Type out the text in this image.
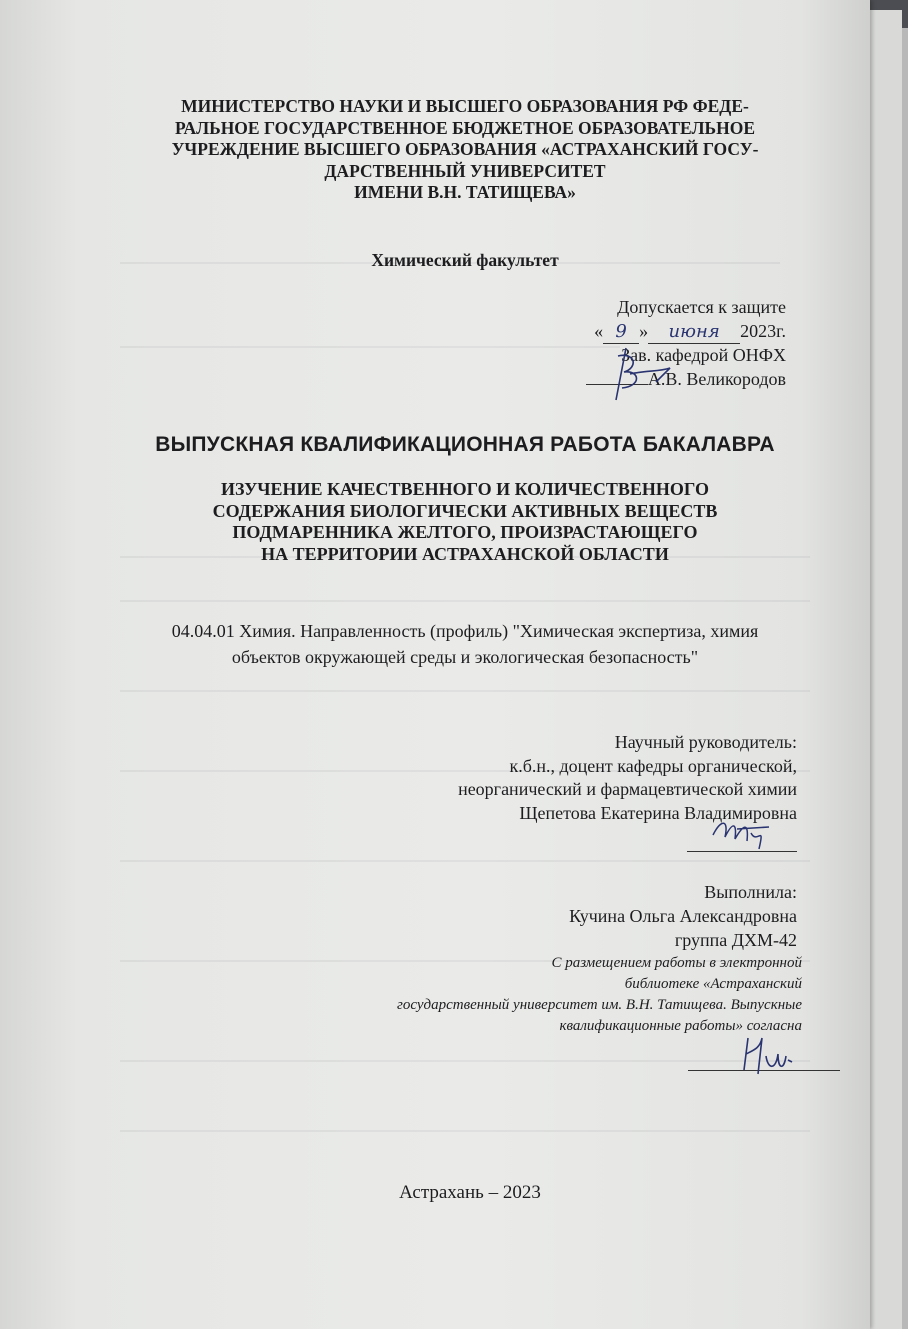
МИНИСТЕРСТВО НАУКИ И ВЫСШЕГО ОБРАЗОВАНИЯ РФ ФЕДЕ-
РАЛЬНОЕ ГОСУДАРСТВЕННОЕ БЮДЖЕТНОЕ ОБРАЗОВАТЕЛЬНОЕ
УЧРЕЖДЕНИЕ ВЫСШЕГО ОБРАЗОВАНИЯ «АСТРАХАНСКИЙ ГОСУ-
ДАРСТВЕННЫЙ УНИВЕРСИТЕТ
ИМЕНИ В.Н. ТАТИЩЕВА»
Химический факультет
Допускается к защите
« 9 » июня 2023г.
Зав. кафедрой ОНФХ
А.В. Великородов
ВЫПУСКНАЯ КВАЛИФИКАЦИОННАЯ РАБОТА БАКАЛАВРА
ИЗУЧЕНИЕ КАЧЕСТВЕННОГО И КОЛИЧЕСТВЕННОГО
СОДЕРЖАНИЯ БИОЛОГИЧЕСКИ АКТИВНЫХ ВЕЩЕСТВ
ПОДМАРЕННИКА ЖЕЛТОГО, ПРОИЗРАСТАЮЩЕГО
НА ТЕРРИТОРИИ АСТРАХАНСКОЙ ОБЛАСТИ
04.04.01 Химия. Направленность (профиль) "Химическая экспертиза, химия
объектов окружающей среды и экологическая безопасность"
Научный руководитель:
к.б.н., доцент кафедры органической,
неорганический и фармацевтической химии
Щепетова Екатерина Владимировна
Выполнила:
Кучина Ольга Александровна
группа ДХМ-42
С размещением работы в электронной
библиотеке «Астраханский
государственный университет им. В.Н. Татищева. Выпускные
квалификационные работы» согласна
Астрахань – 2023
